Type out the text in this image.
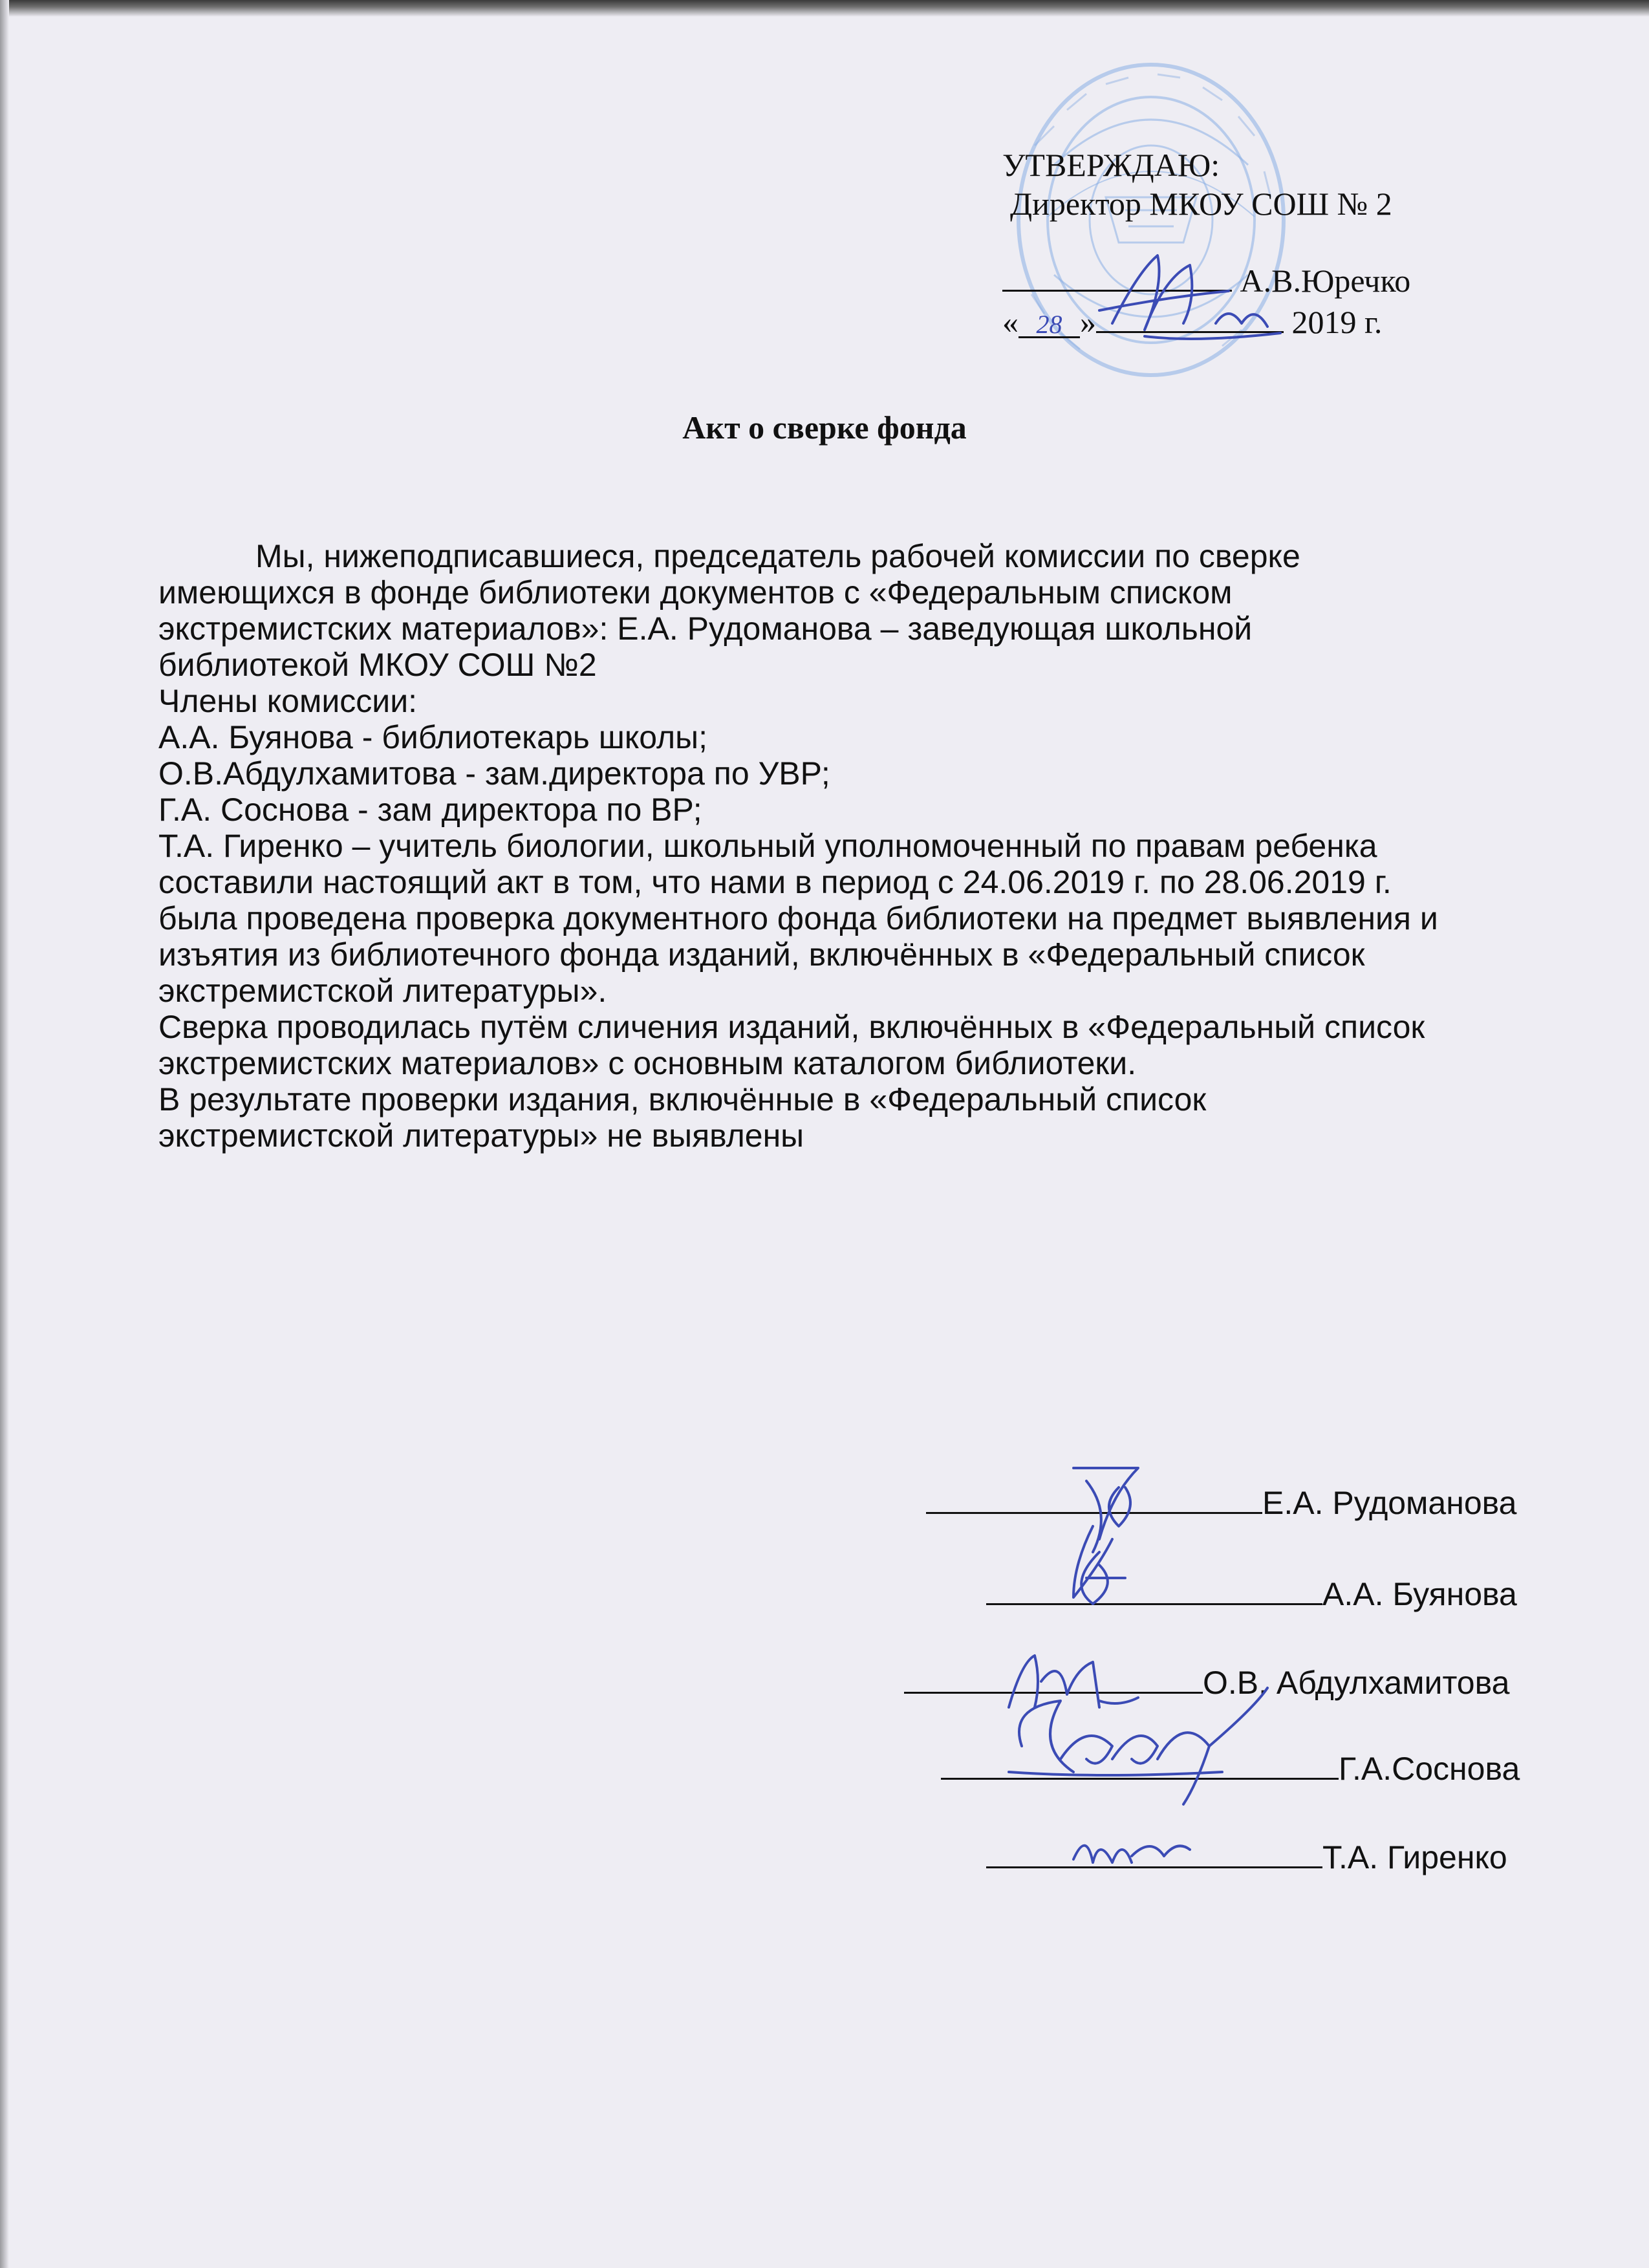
УТВЕРЖДАЮ:
Директор МКОУ СОШ № 2
А.В.Юречко
« 28 »	2019 г.
Акт о сверке фонда
Мы, нижеподписавшиеся, председатель рабочей комиссии по сверке
имеющихся в фонде библиотеки документов с «Федеральным списком
экстремистских материалов»: Е.А. Рудоманова – заведующая школьной
библиотекой МКОУ СОШ №2
Члены комиссии:
А.А. Буянова - библиотекарь школы;
О.В.Абдулхамитова - зам.директора по УВР;
Г.А. Соснова - зам директора по ВР;
Т.А. Гиренко – учитель биологии, школьный уполномоченный по правам ребенка
составили настоящий акт в том, что нами в период с 24.06.2019 г. по 28.06.2019 г.
была проведена проверка документного фонда библиотеки на предмет выявления и
изъятия из библиотечного фонда изданий, включённых в «Федеральный список
экстремистской литературы».
Сверка проводилась путём сличения изданий, включённых в «Федеральный список
экстремистских материалов» с основным каталогом библиотеки.
В результате проверки издания, включённые в «Федеральный список
экстремистской литературы» не выявлены
Е.А. Рудоманова
А.А. Буянова
О.В. Абдулхамитова
Г.А.Соснова
Т.А. Гиренко
